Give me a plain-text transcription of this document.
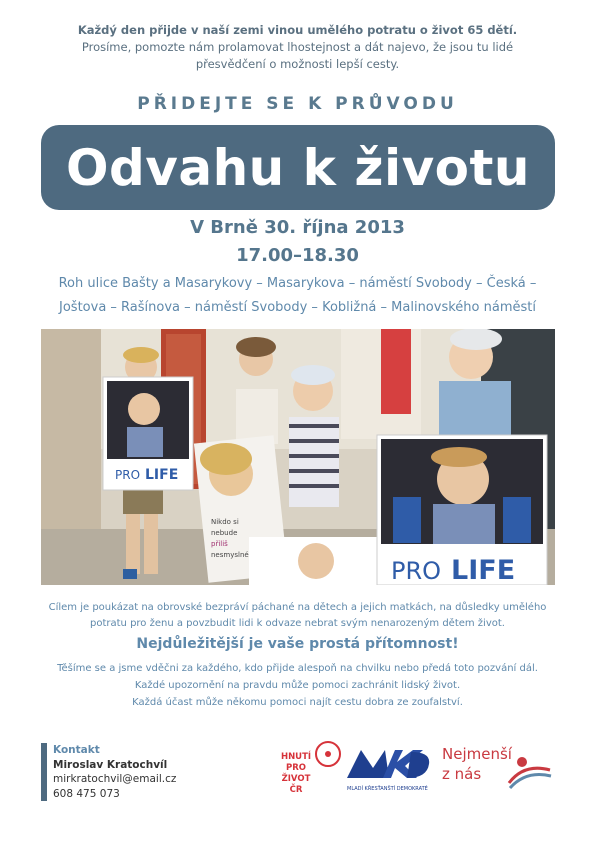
Každý den přijde v naší zemi vinou umělého potratu o život 65 dětí.
Prosíme, pomozte nám prolamovat lhostejnost a dát najevo, že jsou tu lidé
přesvědčení o možnosti lepší cesty.
PŘIDEJTE SE K PRŮVODU
Odvahu k životu
V Brně 30. října 2013
17.00–18.30
Roh ulice Bašty a Masarykovy – Masarykova – náměstí Svobody – Česká –
Joštova – Rašínova – náměstí Svobody – Kobližná – Malinovského náměstí
PRO LIFE
Nikdo si
nebude
přiliš
nesmyslné
PRO LIFE
Cílem je poukázat na obrovské bezpráví páchané na dětech a jejich matkách, na důsledky umělého
potratu pro ženu a povzbudit lidi k odvaze nebrat svým nenarozeným dětem život.
Nejdůležitější je vaše prostá přítomnost!
Těšíme se a jsme vděčni za každého, kdo přijde alespoň na chvilku nebo předá toto pozvání dál.
Každé upozornění na pravdu může pomoci zachránit lidský život.
Každá účast může někomu pomoci najít cestu dobra ze zoufalství.
Kontakt
Miroslav Kratochvíl
mirkratochvil@email.cz
608 475 073
HNUTÍ
PRO ŽIVOT
ČR	MLADÍ KŘESŤANŠTÍ DEMOKRATÉ
Nejmenší
z nás
